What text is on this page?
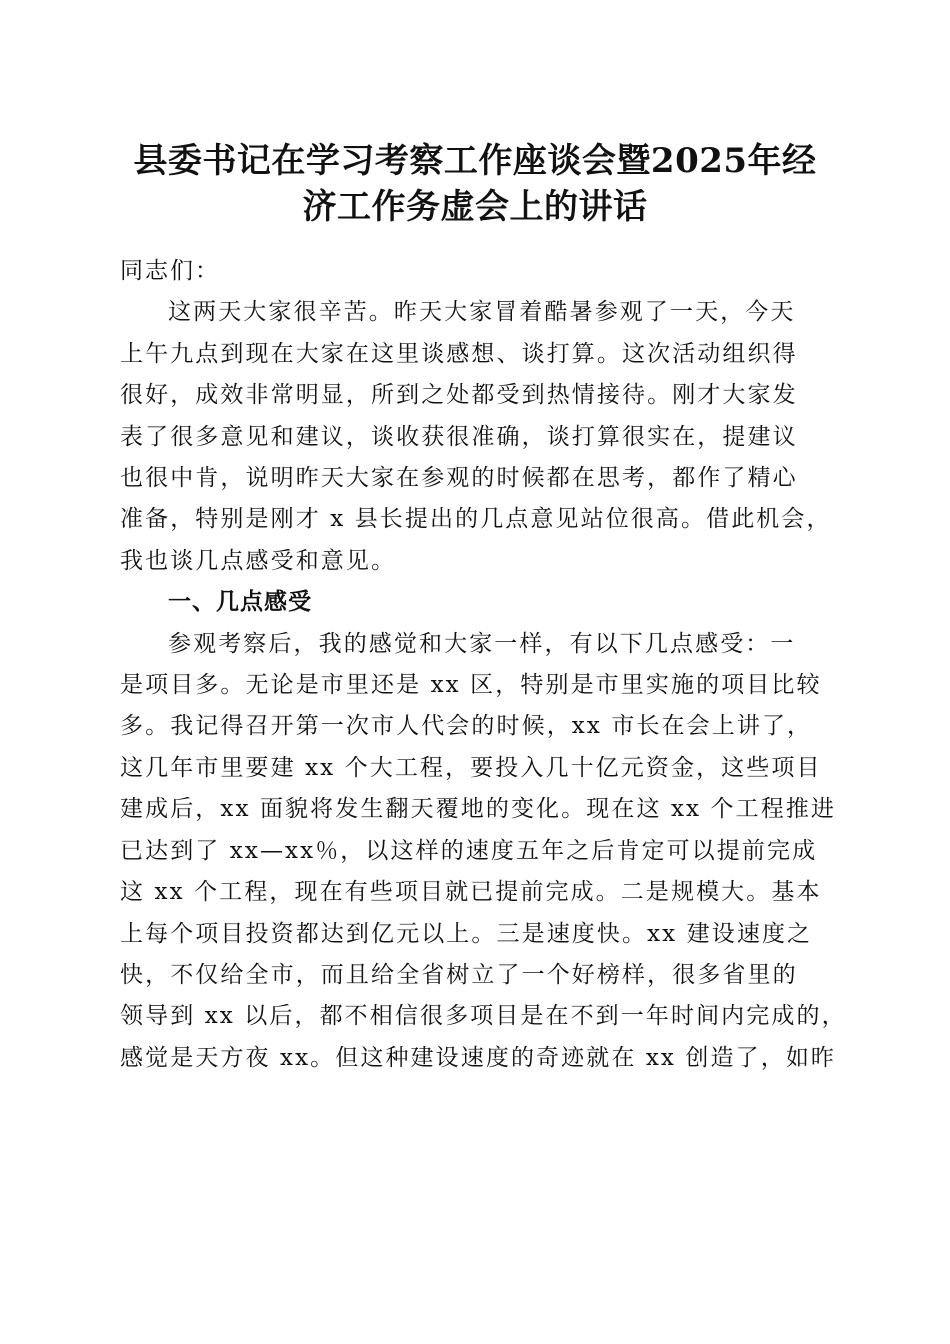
县委书记在学习考察工作座谈会暨2025年经
济工作务虚会上的讲话

同志们：

这两天大家很辛苦。昨天大家冒着酷暑参观了一天，今天
上午九点到现在大家在这里谈感想、谈打算。这次活动组织得
很好，成效非常明显，所到之处都受到热情接待。刚才大家发
表了很多意见和建议，谈收获很准确，谈打算很实在，提建议
也很中肯，说明昨天大家在参观的时候都在思考，都作了精心
准备，特别是刚才 x 县长提出的几点意见站位很高。借此机会，
我也谈几点感受和意见。

一、几点感受

参观考察后，我的感觉和大家一样，有以下几点感受：一
是项目多。无论是市里还是 xx 区，特别是市里实施的项目比较
多。我记得召开第一次市人代会的时候，xx 市长在会上讲了，
这几年市里要建 xx 个大工程，要投入几十亿元资金，这些项目
建成后，xx 面貌将发生翻天覆地的变化。现在这 xx 个工程推进
已达到了 xx—xx％，以这样的速度五年之后肯定可以提前完成
这 xx 个工程，现在有些项目就已提前完成。二是规模大。基本
上每个项目投资都达到亿元以上。三是速度快。xx 建设速度之
快，不仅给全市，而且给全省树立了一个好榜样，很多省里的
领导到 xx 以后，都不相信很多项目是在不到一年时间内完成的，
感觉是天方夜 xx。但这种建设速度的奇迹就在 xx 创造了，如昨
